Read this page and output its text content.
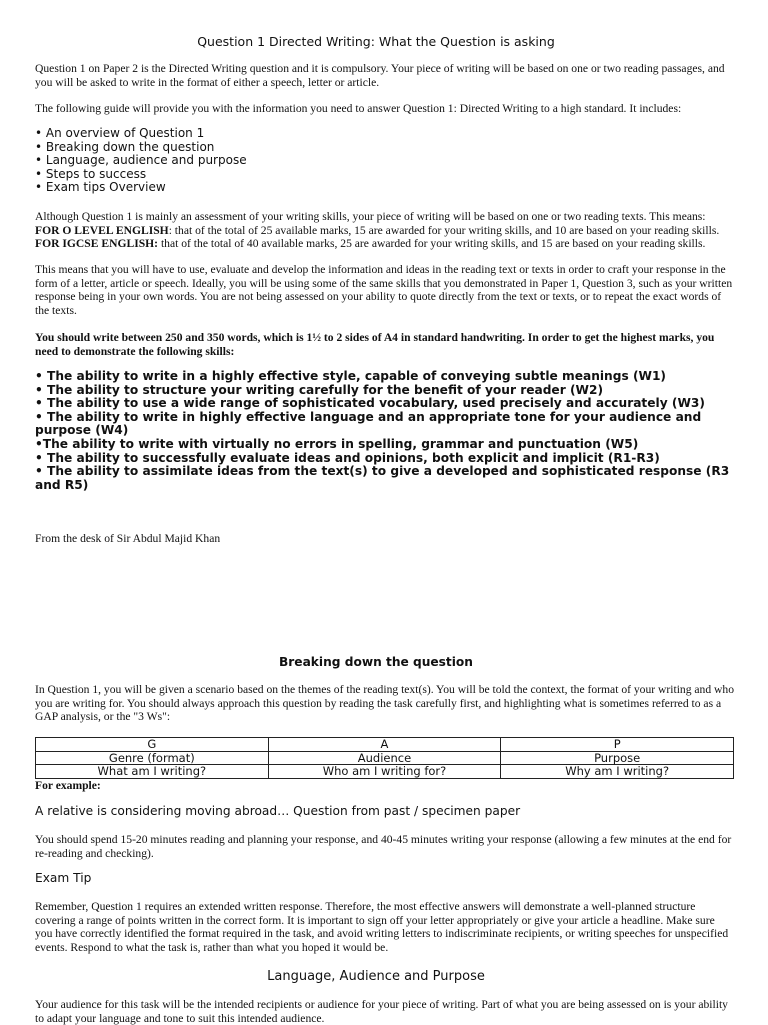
Question 1 Directed Writing: What the Question is asking

Question 1 on Paper 2 is the Directed Writing question and it is compulsory. Your piece of writing will be based on one or two reading passages, and you will be asked to write in the format of either a speech, letter or article.

The following guide will provide you with the information you need to answer Question 1: Directed Writing to a high standard. It includes:

• An overview of Question 1
• Breaking down the question
• Language, audience and purpose
• Steps to success
• Exam tips Overview
Although Question 1 is mainly an assessment of your writing skills, your piece of writing will be based on one or two reading texts. This means:
FOR O LEVEL ENGLISH: that of the total of 25 available marks, 15 are awarded for your writing skills, and 10 are based on your reading skills.
FOR IGCSE ENGLISH: that of the total of 40 available marks, 25 are awarded for your writing skills, and 15 are based on your reading skills.

This means that you will have to use, evaluate and develop the information and ideas in the reading text or texts in order to craft your response in the form of a letter, article or speech. Ideally, you will be using some of the same skills that you demonstrated in Paper 1, Question 3, such as your written response being in your own words. You are not being assessed on your ability to quote directly from the text or texts, or to repeat the exact words of the texts.

You should write between 250 and 350 words, which is 1½ to 2 sides of A4 in standard handwriting. In order to get the highest marks, you need to demonstrate the following skills:

• The ability to write in a highly effective style, capable of conveying subtle meanings (W1)
• The ability to structure your writing carefully for the benefit of your reader (W2)
• The ability to use a wide range of sophisticated vocabulary, used precisely and accurately (W3)
• The ability to write in highly effective language and an appropriate tone for your audience and purpose (W4)
•The ability to write with virtually no errors in spelling, grammar and punctuation (W5)
• The ability to successfully evaluate ideas and opinions, both explicit and implicit (R1-R3)
• The ability to assimilate ideas from the text(s) to give a developed and sophisticated response (R3 and R5)

From the desk of Sir Abdul Majid Khan

Breaking down the question

In Question 1, you will be given a scenario based on the themes of the reading text(s). You will be told the context, the format of your writing and who you are writing for. You should always approach this question by reading the task carefully first, and highlighting what is sometimes referred to as a GAP analysis, or the "3 Ws":

G	A	P
Genre (format)	Audience	Purpose
What am I writing?	Who am I writing for?	Why am I writing?

For example:

A relative is considering moving abroad… Question from past / specimen paper

You should spend 15-20 minutes reading and planning your response, and 40-45 minutes writing your response (allowing a few minutes at the end for re-reading and checking).

Exam Tip

Remember, Question 1 requires an extended written response. Therefore, the most effective answers will demonstrate a well-planned structure covering a range of points written in the correct form. It is important to sign off your letter appropriately or give your article a headline. Make sure you have correctly identified the format required in the task, and avoid writing letters to indiscriminate recipients, or writing speeches for unspecified events. Respond to what the task is, rather than what you hoped it would be.

Language, Audience and Purpose

Your audience for this task will be the intended recipients or audience for your piece of writing. Part of what you are being assessed on is your ability to adapt your language and tone to suit this intended audience.
